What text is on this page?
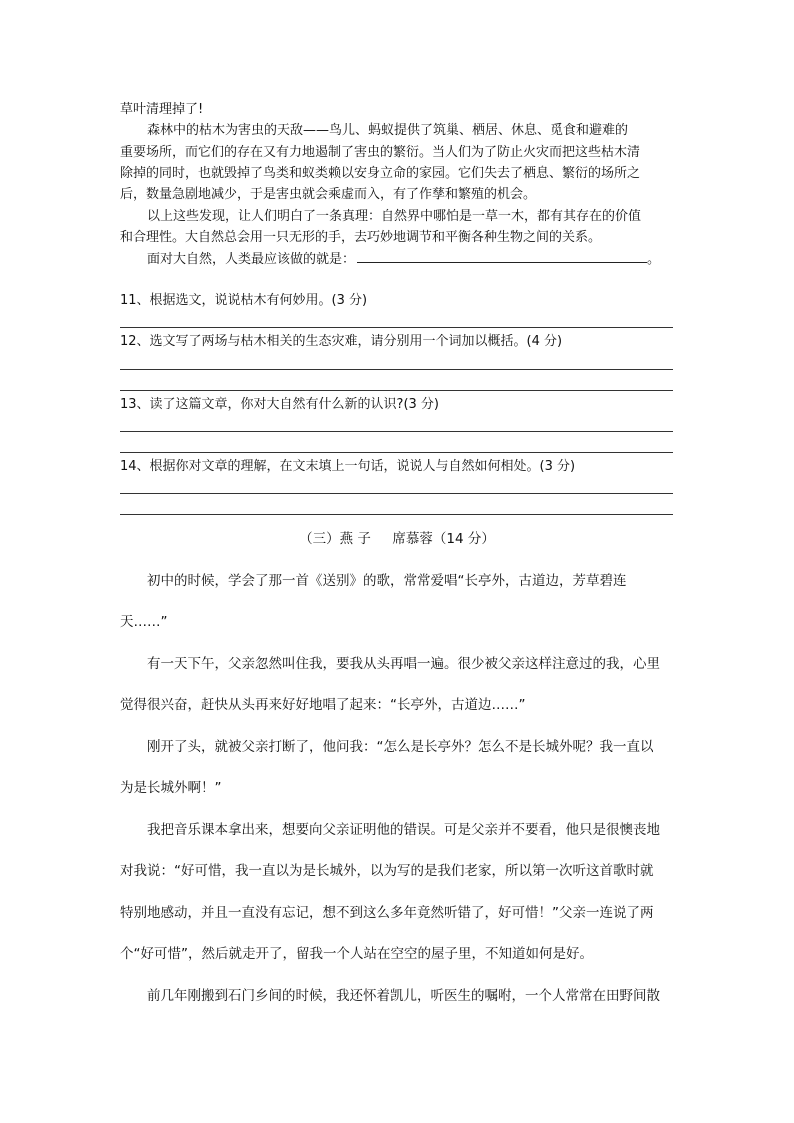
草叶清理掉了!
森林中的枯木为害虫的天敌——鸟儿、蚂蚁提供了筑巢、栖居、休息、觅食和避难的
重要场所，而它们的存在又有力地遏制了害虫的繁衍。当人们为了防止火灾而把这些枯木清
除掉的同时，也就毁掉了鸟类和蚁类赖以安身立命的家园。它们失去了栖息、繁衍的场所之
后，数量急剧地减少，于是害虫就会乘虚而入，有了作孳和繁殖的机会。
以上这些发现，让人们明白了一条真理：自然界中哪怕是一草一木，都有其存在的价值
和合理性。大自然总会用一只无形的手，去巧妙地调节和平衡各种生物之间的关系。
面对大自然，人类最应该做的就是：	。
11、根据选文，说说枯木有何妙用。(3 分)
12、选文写了两场与枯木相关的生态灾难，请分别用一个词加以概括。(4 分)
13、读了这篇文章，你对大自然有什么新的认识?(3 分)
14、根据你对文章的理解，在文末填上一句话，说说人与自然如何相处。(3 分)
（三）燕 子     席慕蓉（14 分）
初中的时候，学会了那一首《送别》的歌，常常爱唱“长亭外，古道边，芳草碧连
天……”
有一天下午，父亲忽然叫住我，要我从头再唱一遍。很少被父亲这样注意过的我，心里
觉得很兴奋，赶快从头再来好好地唱了起来：“长亭外，古道边……”
刚开了头，就被父亲打断了，他问我：“怎么是长亭外？怎么不是长城外呢？我一直以
为是长城外啊！”
我把音乐课本拿出来，想要向父亲证明他的错误。可是父亲并不要看，他只是很懊丧地
对我说：“好可惜，我一直以为是长城外，以为写的是我们老家，所以第一次听这首歌时就
特别地感动，并且一直没有忘记，想不到这么多年竟然听错了，好可惜！”父亲一连说了两
个“好可惜”，然后就走开了，留我一个人站在空空的屋子里，不知道如何是好。
前几年刚搬到石门乡间的时候，我还怀着凯儿，听医生的嘱咐，一个人常常在田野间散
